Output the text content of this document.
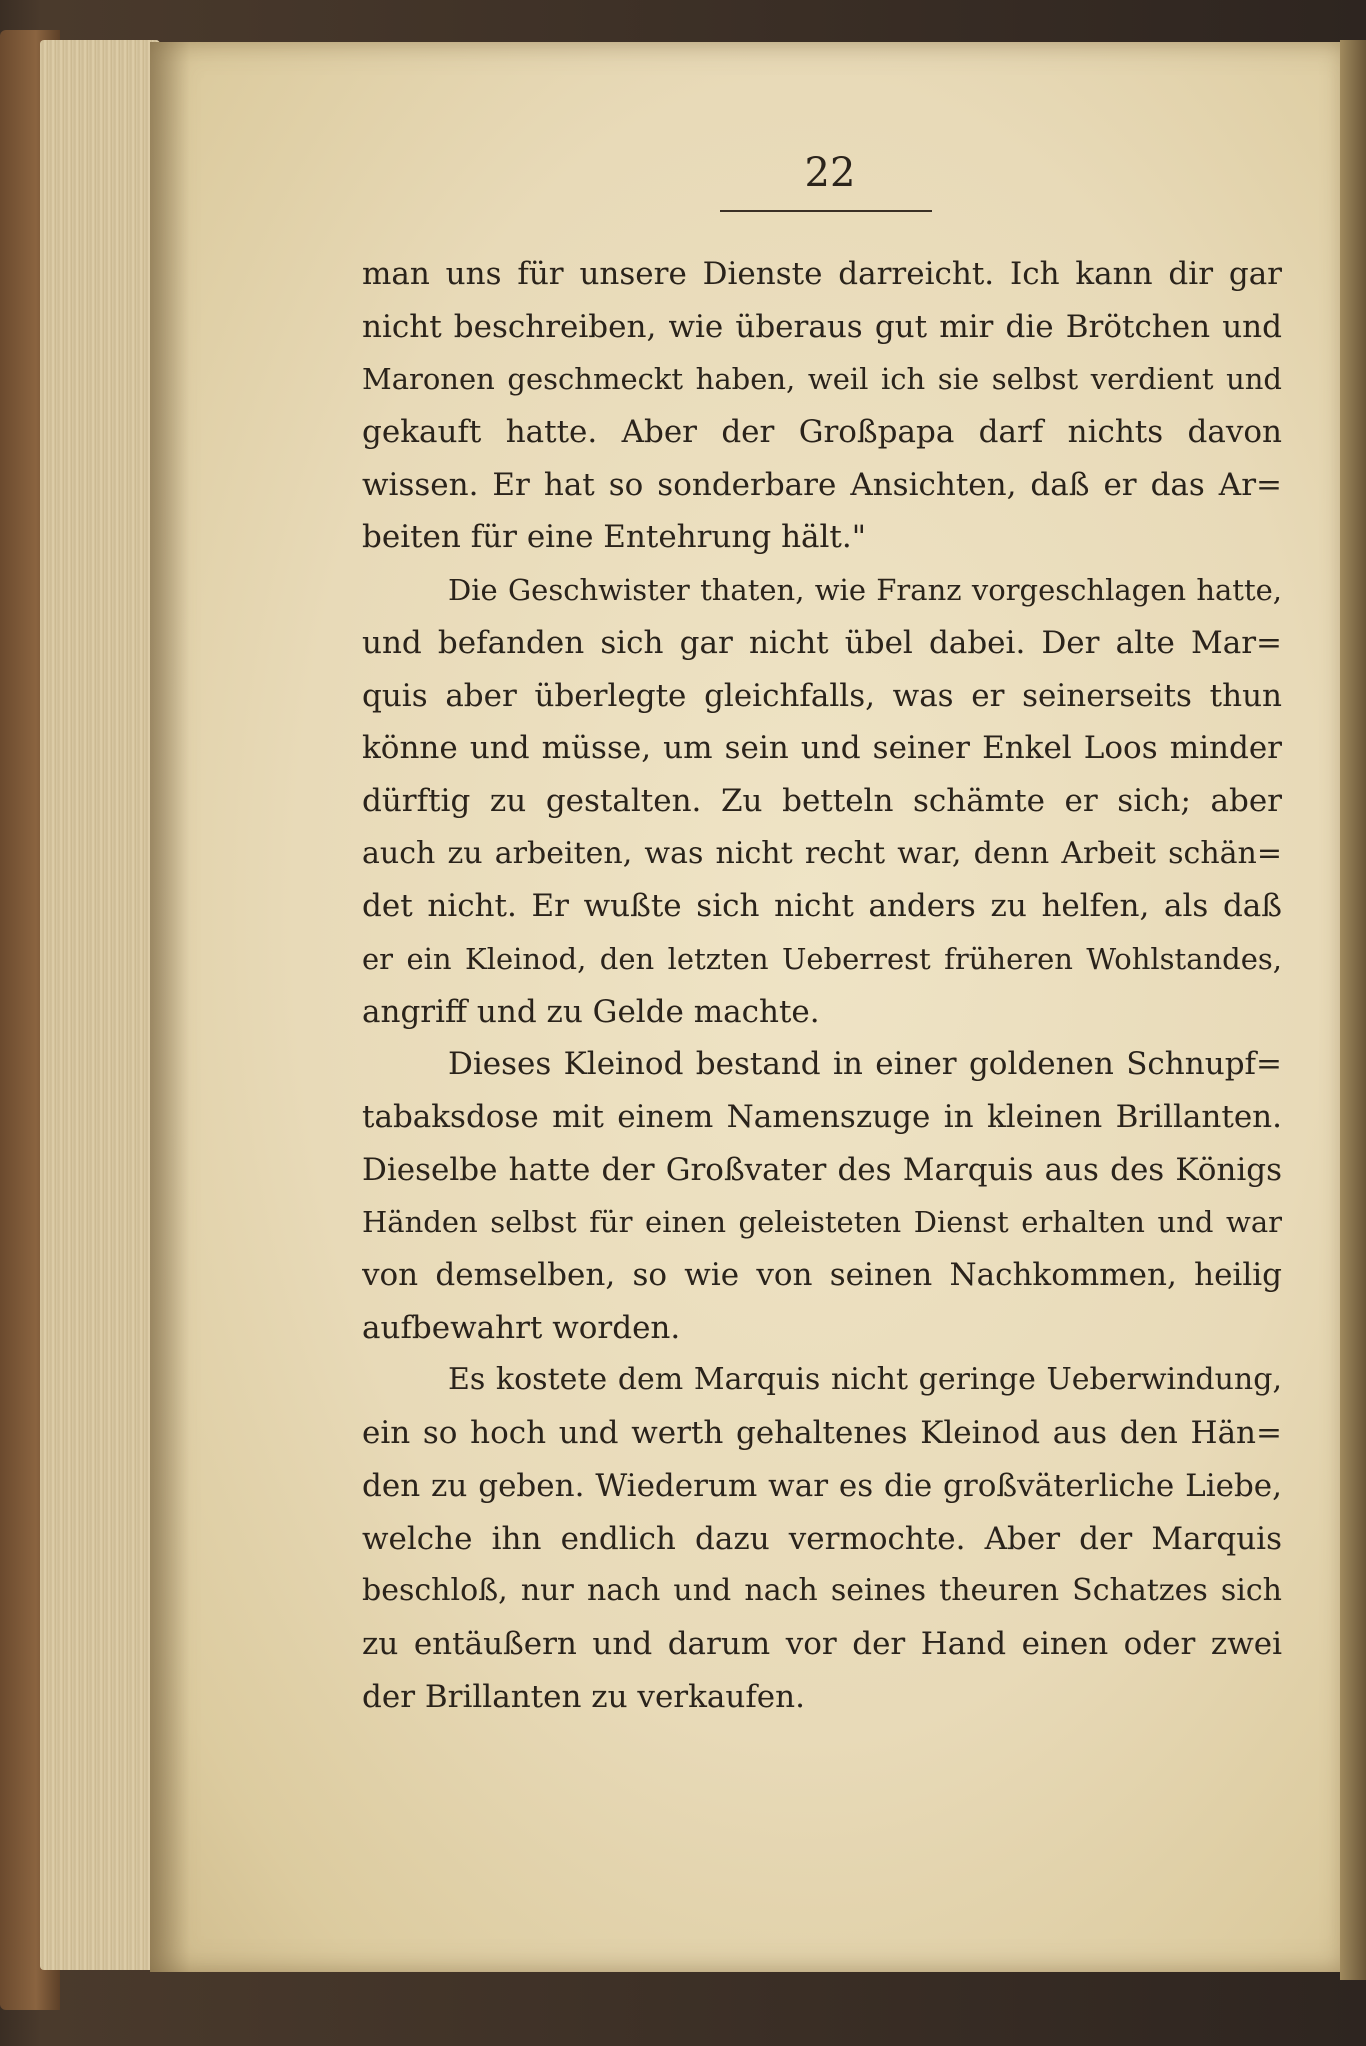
22
man uns für unsere Dienste darreicht. Ich kann dir gar
nicht beschreiben, wie überaus gut mir die Brötchen und
Maronen geschmeckt haben, weil ich sie selbst verdient und
gekauft hatte. Aber der Großpapa darf nichts davon
wissen. Er hat so sonderbare Ansichten, daß er das Ar=
beiten für eine Entehrung hält."
Die Geschwister thaten, wie Franz vorgeschlagen hatte,
und befanden sich gar nicht übel dabei. Der alte Mar=
quis aber überlegte gleichfalls, was er seinerseits thun
könne und müsse, um sein und seiner Enkel Loos minder
dürftig zu gestalten. Zu betteln schämte er sich; aber
auch zu arbeiten, was nicht recht war, denn Arbeit schän=
det nicht. Er wußte sich nicht anders zu helfen, als daß
er ein Kleinod, den letzten Ueberrest früheren Wohlstandes,
angriff und zu Gelde machte.
Dieses Kleinod bestand in einer goldenen Schnupf=
tabaksdose mit einem Namenszuge in kleinen Brillanten.
Dieselbe hatte der Großvater des Marquis aus des Königs
Händen selbst für einen geleisteten Dienst erhalten und war
von demselben, so wie von seinen Nachkommen, heilig
aufbewahrt worden.
Es kostete dem Marquis nicht geringe Ueberwindung,
ein so hoch und werth gehaltenes Kleinod aus den Hän=
den zu geben. Wiederum war es die großväterliche Liebe,
welche ihn endlich dazu vermochte. Aber der Marquis
beschloß, nur nach und nach seines theuren Schatzes sich
zu entäußern und darum vor der Hand einen oder zwei
der Brillanten zu verkaufen.
